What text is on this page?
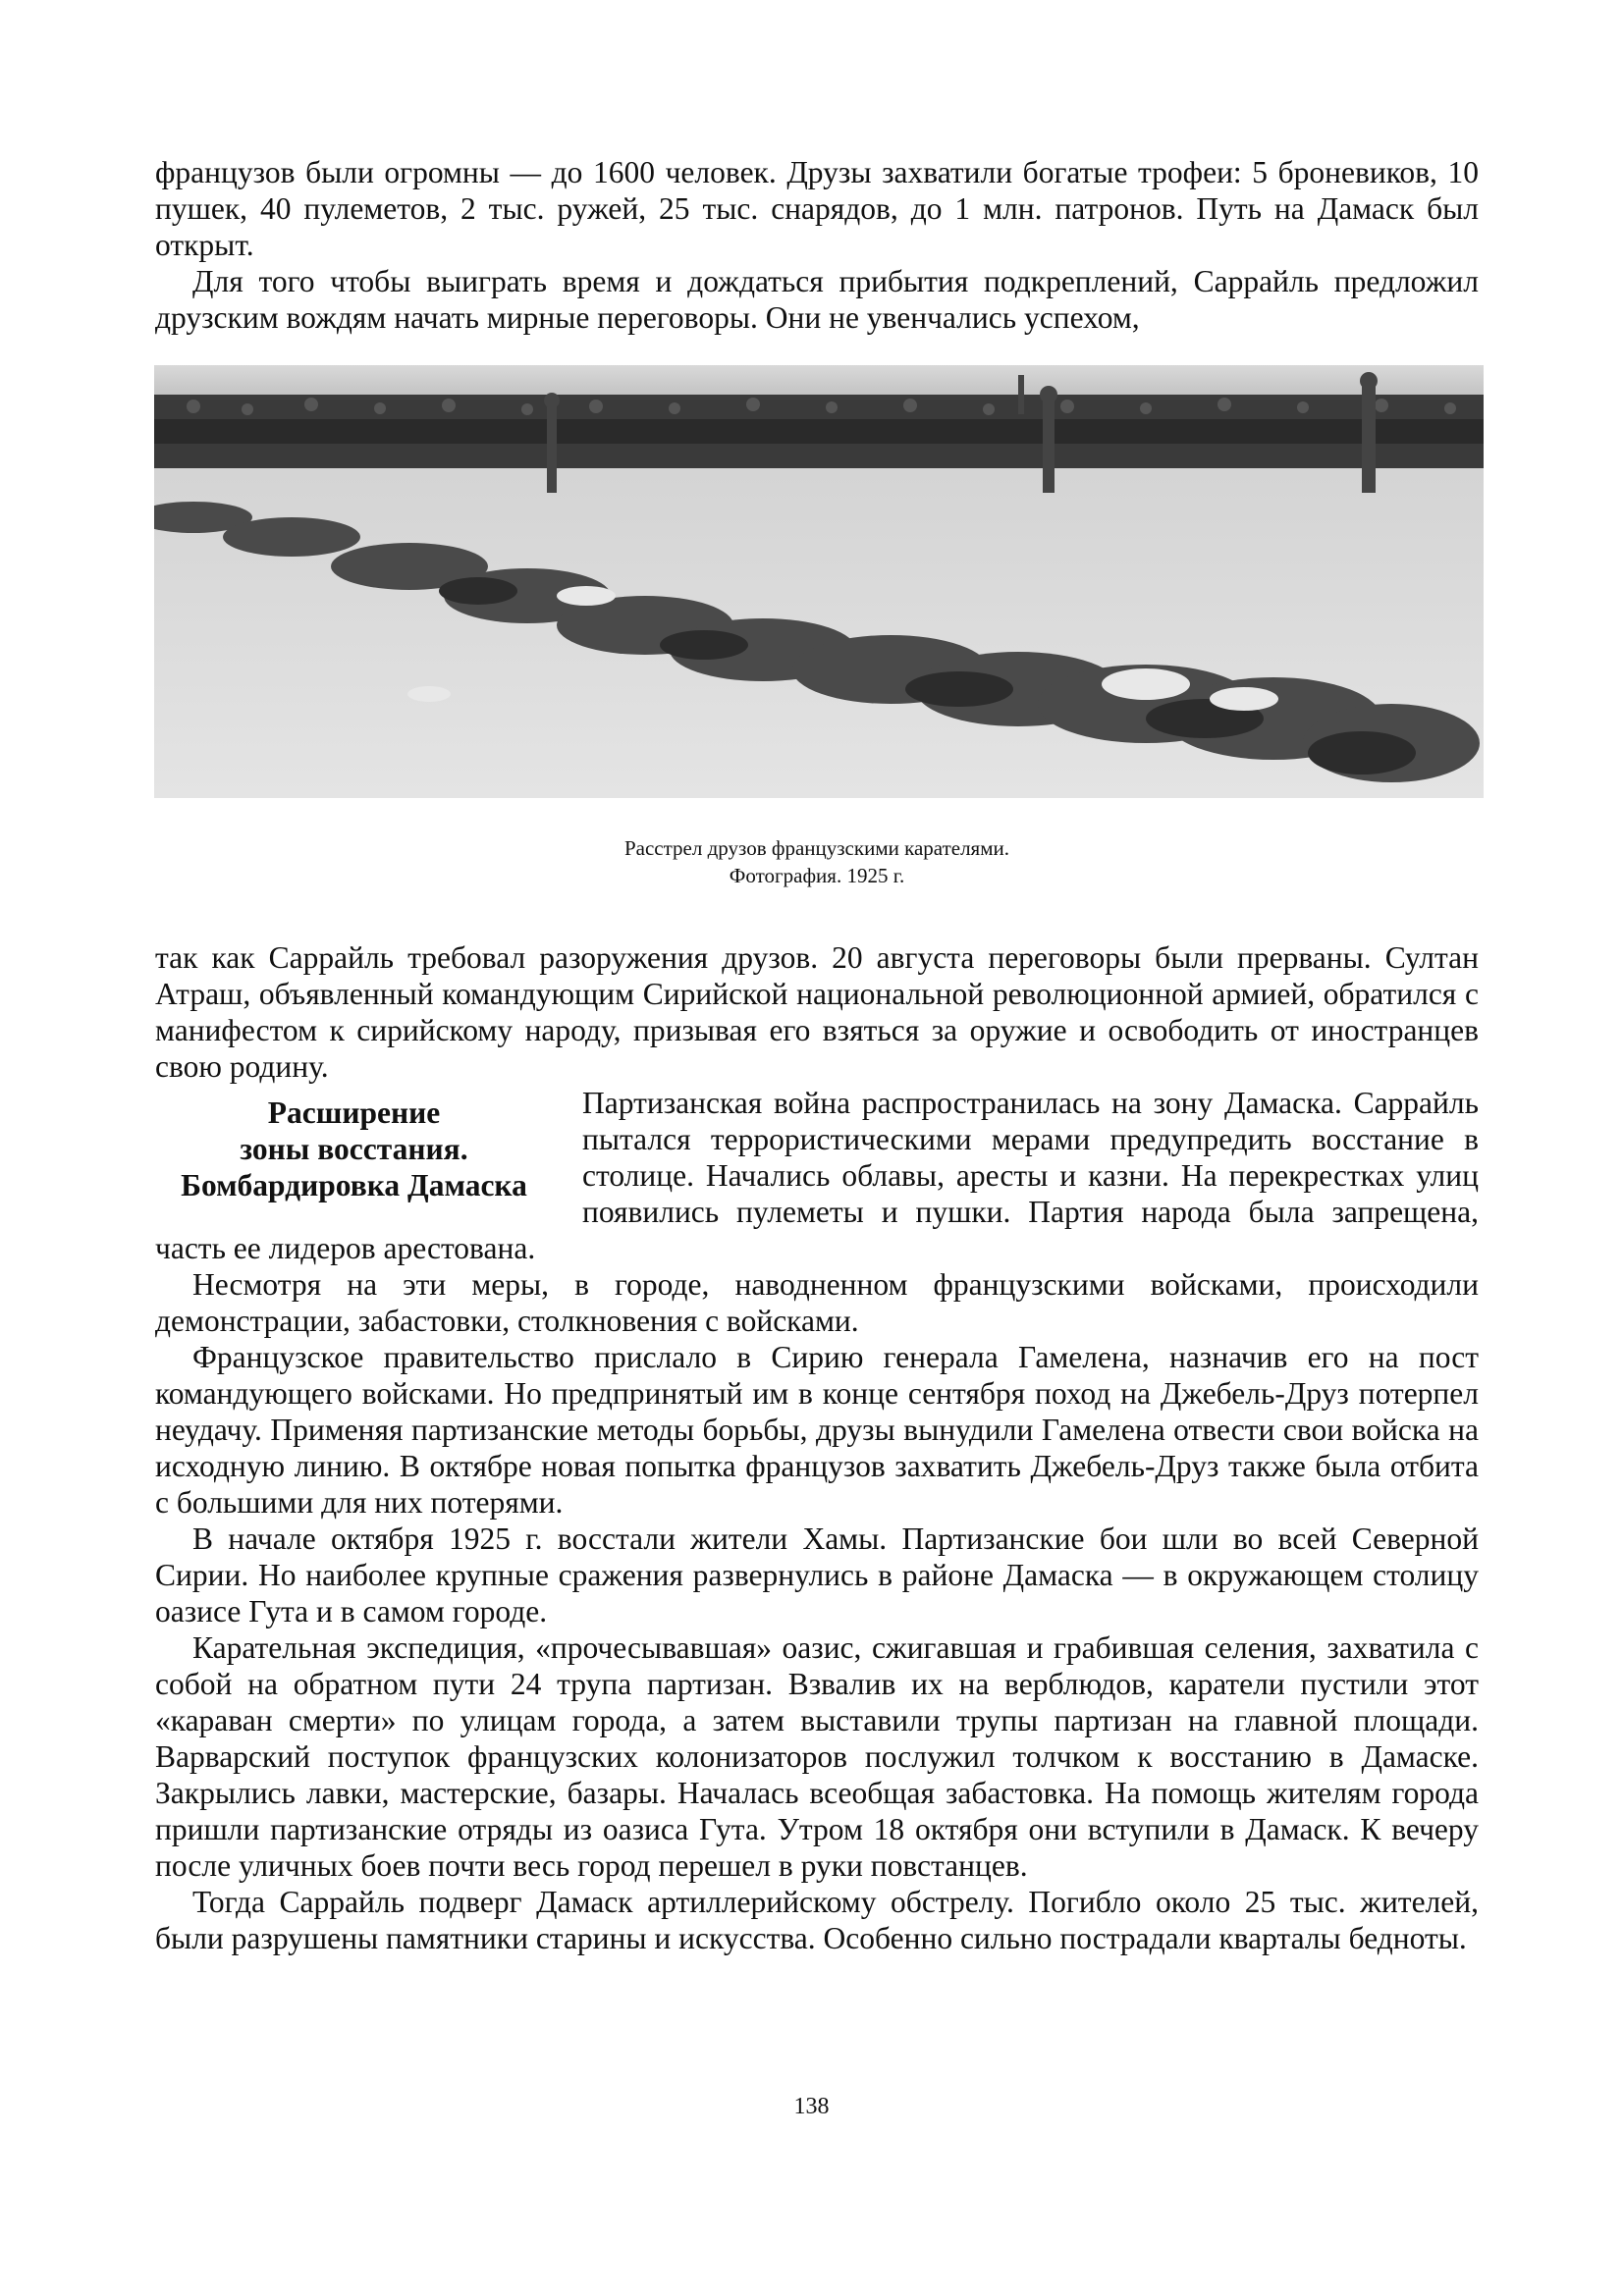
французов были огромны — до 1600 человек. Друзы захватили богатые трофеи: 5 броневиков, 10 пушек, 40 пулеметов, 2 тыс. ружей, 25 тыс. снарядов, до 1 млн. патронов. Путь на Дамаск был открыт.

Для того чтобы выиграть время и дождаться прибытия подкреплений, Саррайль предложил друзским вождям начать мирные переговоры. Они не увенчались успехом,

Расстрел друзов французскими карателями.
Фотография. 1925 г.

так как Саррайль требовал разоружения друзов. 20 августа переговоры были прерваны. Султан Атраш, объявленный командующим Сирийской национальной революционной армией, обратился с манифестом к сирийскому народу, призывая его взяться за оружие и освободить от иностранцев свою родину.

Расширение
зоны восстания.
Бомбардировка Дамаска

Партизанская война распространилась на зону Дамаска. Саррайль пытался террористическими мерами предупредить восстание в столице. Начались облавы, аресты и казни. На перекрестках улиц появились пулеметы и пушки. Партия народа была запрещена, часть ее лидеров арестована.

Несмотря на эти меры, в городе, наводненном французскими войсками, происходили демонстрации, забастовки, столкновения с войсками.

Французское правительство прислало в Сирию генерала Гамелена, назначив его на пост командующего войсками. Но предпринятый им в конце сентября поход на Джебель-Друз потерпел неудачу. Применяя партизанские методы борьбы, друзы вынудили Гамелена отвести свои войска на исходную линию. В октябре новая попытка французов захватить Джебель-Друз также была отбита с большими для них потерями.

В начале октября 1925 г. восстали жители Хамы. Партизанские бои шли во всей Северной Сирии. Но наиболее крупные сражения развернулись в районе Дамаска — в окружающем столицу оазисе Гута и в самом городе.

Карательная экспедиция, «прочесывавшая» оазис, сжигавшая и грабившая селения, захватила с собой на обратном пути 24 трупа партизан. Взвалив их на верблюдов, каратели пустили этот «караван смерти» по улицам города, а затем выставили трупы партизан на главной площади. Варварский поступок французских колонизаторов послужил толчком к восстанию в Дамаске. Закрылись лавки, мастерские, базары. Началась всеобщая забастовка. На помощь жителям города пришли партизанские отряды из оазиса Гута. Утром 18 октября они вступили в Дамаск. К вечеру после уличных боев почти весь город перешел в руки повстанцев.

Тогда Саррайль подверг Дамаск артиллерийскому обстрелу. Погибло около 25 тыс. жителей, были разрушены памятники старины и искусства. Особенно сильно пострадали кварталы бедноты.

138
